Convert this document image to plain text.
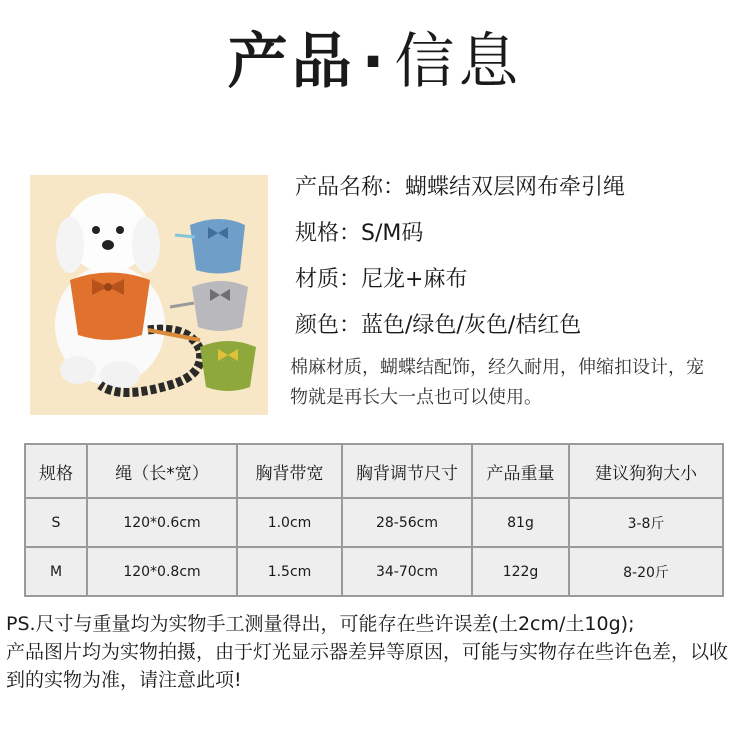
产品 · 信息
产品名称：蝴蝶结双层网布牵引绳
规格：S/M码
材质：尼龙+麻布
颜色：蓝色/绿色/灰色/桔红色
棉麻材质，蝴蝶结配饰，经久耐用，伸缩扣设计，宠物就是再长大一点也可以使用。
规格	绳（长*宽）	胸背带宽	胸背调节尺寸	产品重量	建议狗狗大小
S	120*0.6cm	1.0cm	28-56cm	81g	3-8斤
M	120*0.8cm	1.5cm	34-70cm	122g	8-20斤
PS.尺寸与重量均为实物手工测量得出，可能存在些许误差(土2cm/土10g);
产品图片均为实物拍摄，由于灯光显示器差异等原因，可能与实物存在些许色差，以收到的实物为准，请注意此项!
